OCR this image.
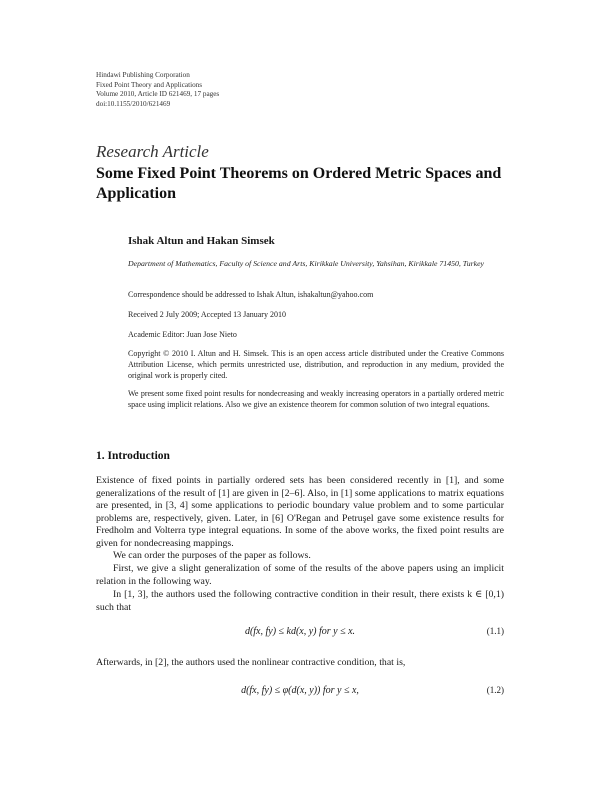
Hindawi Publishing Corporation
Fixed Point Theory and Applications
Volume 2010, Article ID 621469, 17 pages
doi:10.1155/2010/621469
Research Article
Some Fixed Point Theorems on Ordered Metric Spaces and Application
Ishak Altun and Hakan Simsek
Department of Mathematics, Faculty of Science and Arts, Kirikkale University, Yahsihan, Kirikkale 71450, Turkey
Correspondence should be addressed to Ishak Altun, ishakaltun@yahoo.com
Received 2 July 2009; Accepted 13 January 2010
Academic Editor: Juan Jose Nieto
Copyright © 2010 I. Altun and H. Simsek. This is an open access article distributed under the Creative Commons Attribution License, which permits unrestricted use, distribution, and reproduction in any medium, provided the original work is properly cited.
We present some fixed point results for nondecreasing and weakly increasing operators in a partially ordered metric space using implicit relations. Also we give an existence theorem for common solution of two integral equations.
1. Introduction
Existence of fixed points in partially ordered sets has been considered recently in [1], and some generalizations of the result of [1] are given in [2–6]. Also, in [1] some applications to matrix equations are presented, in [3, 4] some applications to periodic boundary value problem and to some particular problems are, respectively, given. Later, in [6] O'Regan and Petruşel gave some existence results for Fredholm and Volterra type integral equations. In some of the above works, the fixed point results are given for nondecreasing mappings.
We can order the purposes of the paper as follows.
First, we give a slight generalization of some of the results of the above papers using an implicit relation in the following way.
In [1, 3], the authors used the following contractive condition in their result, there exists k ∈ [0,1) such that
d(fx, fy) ≤ kd(x, y) for y ≤ x.	(1.1)
Afterwards, in [2], the authors used the nonlinear contractive condition, that is,
d(fx, fy) ≤ φ(d(x, y)) for y ≤ x,	(1.2)
